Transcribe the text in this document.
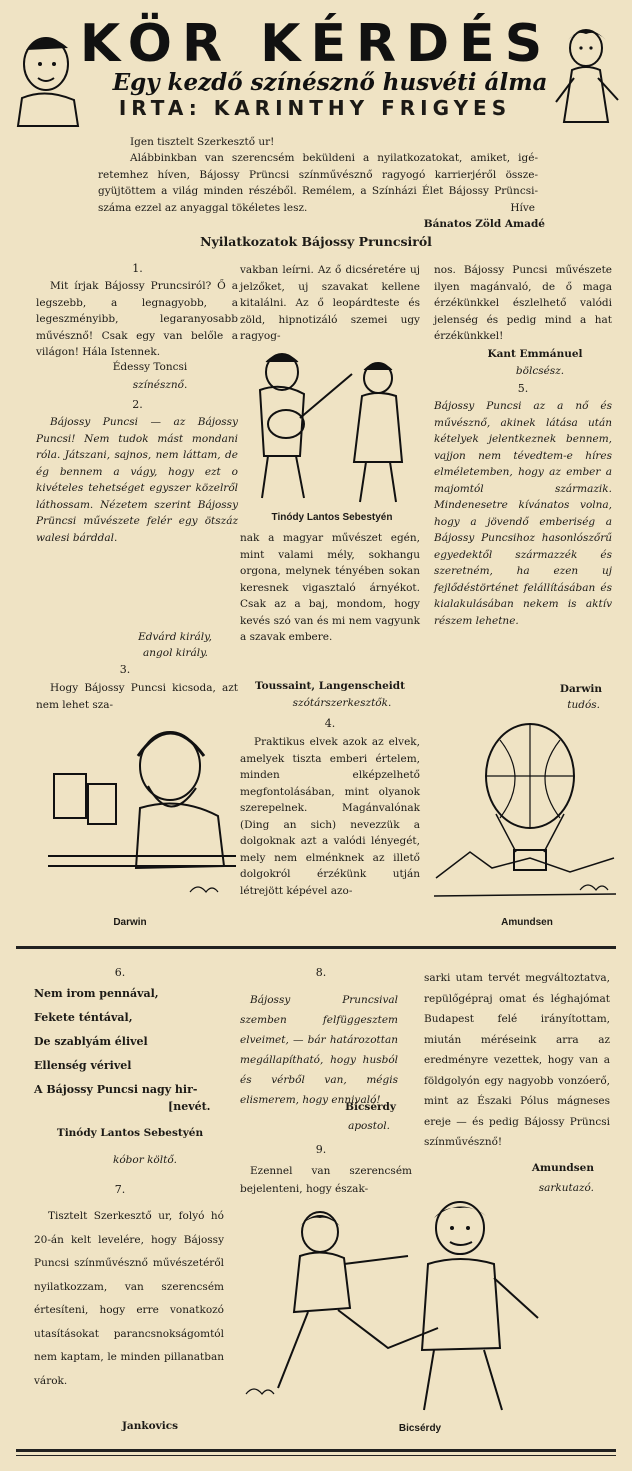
KÖR KÉRDÉS
Egy kezdő színésznő husvéti álma
IRTA: KARINTHY FRIGYES
Igen tisztelt Szerkesztő ur!
Alábbinkban van szerencsém beküldeni a nyilatkozatokat, amiket, igé-retemhez híven, Bájossy Prüncsi színművésznő ragyogó karrierjéről össze-gyüjtöttem a világ minden részéből. Remélem, a Színházi Élet Bájossy Prüncsi-száma ezzel az anyaggal tökéletes lesz.	Híve
Bánatos Zöld Amadé
Nyilatkozatok Bájossy Pruncsiról
1.
Mit írjak Bájossy Pruncsiról? Ő a legszebb, a legnagyobb, a legeszményibb, legaranyosabb művésznő! Csak egy van belőle a világon! Hála Istennek.
Édessy Toncsi
színésznő.
2.
Bájossy Puncsi — az Bájossy Puncsi! Nem tudok mást mondani róla. Játszani, sajnos, nem láttam, de ég bennem a vágy, hogy ezt o kivételes tehetséget egyszer közelről láthossam. Nézetem szerint Bájossy Prüncsi művészete felér egy ötszáz walesi bárddal.
Edvárd király,
angol király.
3.
Hogy Bájossy Puncsi kicsoda, azt nem lehet sza-
Darwin
vakban leírni. Az ő dicséretére uj jelzőket, uj szavakat kellene kitalálni. Az ő leopárdteste és zöld, hipnotizáló szemei ugy ragyog-
Tinódy Lantos Sebestyén
nak a magyar művészet egén, mint valami mély, sokhangu orgona, melynek tényében sokan keresnek vigasztaló árnyékot. Csak az a baj, mondom, hogy kevés szó van és mi nem vagyunk a szavak embere.
Toussaint, Langenscheidt
szótárszerkesztők.
4.
Praktikus elvek azok az elvek, amelyek tiszta emberi értelem, minden elképzelhető megfontolásában, mint olyanok szerepelnek. Magánvalónak (Ding an sich) nevezzük a dolgoknak azt a valódi lényegét, mely nem elménknek az illető dolgokról érzékünk utján létrejött képével azo-
nos. Bájossy Puncsi művészete ilyen magánvaló, de ő maga érzékünkkel észlelhető valódi jelenség és pedig mind a hat érzékünkkel!
Kant Emmánuel
bölcsész.
5.
Bájossy Puncsi az a nő és művésznő, akinek látása után kételyek jelentkeznek bennem, vajjon nem tévedtem-e híres elméletemben, hogy az ember a majomtól származik. Mindenesetre kívánatos volna, hogy a jövendő emberiség a Bájossy Puncsihoz hasonlószőrű egyedektől származzék és szeretném, ha ezen uj fejlődéstörténet felállításában és kialakulásában nekem is aktív részem lehetne.
Darwin
tudós.
Amundsen
6.
Nem irom pennával,
Fekete téntával,
De szablyám élivel
Ellenség vérivel
A Bájossy Puncsi nagy hir-
[nevét.
Tinódy Lantos Sebestyén
kóbor költő.
7.
Tisztelt Szerkesztő ur, folyó hó 20-án kelt levelére, hogy Bájossy Puncsi színművésznő művészetéről nyilatkozzam, van szerencsém értesíteni, hogy erre vonatkozó utasításokat parancsnokságomtól nem kaptam, le minden pillanatban várok.
Jankovics
8.
Bájossy Pruncsival szemben felfüggesztem elveimet, — bár határozottan megállapítható, hogy husból és vérből van, mégis elismerem, hogy ennivaló!
Bicsérdy
apostol.
9.
Ezennel van szerencsém bejelenteni, hogy észak-
sarki utam tervét megváltoztatva, repülőgépraj omat és léghajómat Budapest felé irányítottam, miután méréseink arra az eredményre vezettek, hogy van a földgolyón egy nagyobb vonzóerő, mint az Északi Pólus mágneses ereje — és pedig Bájossy Prüncsi színművésznő!
Amundsen
sarkutazó.
Bicsérdy
